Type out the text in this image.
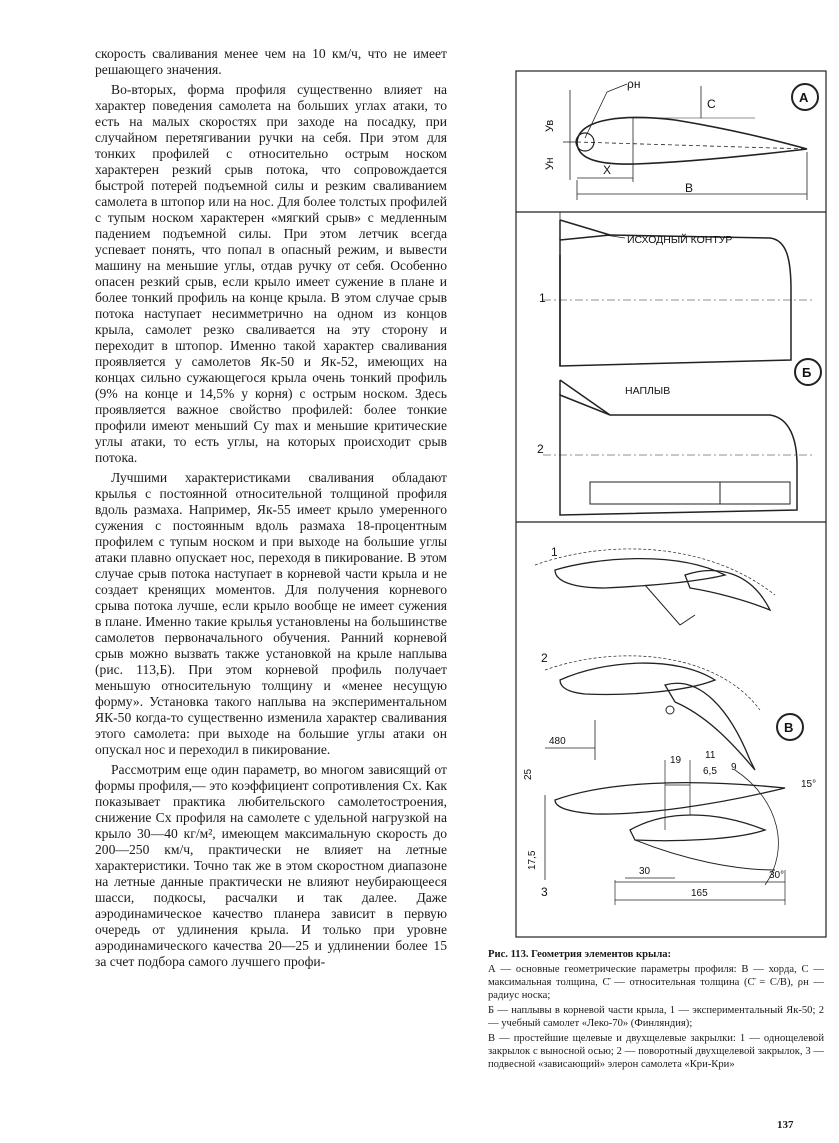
скорость сваливания менее чем на 10 км/ч, что не имеет решающего значения.

Во-вторых, форма профиля существенно влияет на характер поведения самолета на больших углах атаки, то есть на малых скоростях при заходе на посадку, при случайном перетягивании ручки на себя. При этом для тонких профилей с относительно острым носком характерен резкий срыв потока, что сопровождается быстрой потерей подъемной силы и резким сваливанием самолета в штопор или на нос. Для более толстых профилей с тупым носком характерен «мягкий срыв» с медленным падением подъемной силы. При этом летчик всегда успевает понять, что попал в опасный режим, и вывести машину на меньшие углы, отдав ручку от себя. Особенно опасен резкий срыв, если крыло имеет сужение в плане и более тонкий профиль на конце крыла. В этом случае срыв потока наступает несимметрично на одном из концов крыла, самолет резко сваливается на эту сторону и переходит в штопор. Именно такой характер сваливания проявляется у самолетов Як-50 и Як-52, имеющих на концах сильно сужающегося крыла очень тонкий профиль (9% на конце и 14,5% у корня) с острым носком. Здесь проявляется важное свойство профилей: более тонкие профили имеют меньший Cy max и меньшие критические углы атаки, то есть углы, на которых происходит срыв потока.

Лучшими характеристиками сваливания обладают крылья с постоянной относительной толщиной профиля вдоль размаха. Например, Як-55 имеет крыло умеренного сужения с постоянным вдоль размаха 18-процентным профилем с тупым носком и при выходе на большие углы атаки плавно опускает нос, переходя в пикирование. В этом случае срыв потока наступает в корневой части крыла и не создает кренящих моментов. Для получения корневого срыва потока лучше, если крыло вообще не имеет сужения в плане. Именно такие крылья установлены на большинстве самолетов первоначального обучения. Ранний корневой срыв можно вызвать также установкой на крыле наплыва (рис. 113,Б). При этом корневой профиль получает меньшую относительную толщину и «менее несущую форму». Установка такого наплыва на экспериментальном ЯК-50 когда-то существенно изменила характер сваливания этого самолета: при выходе на большие углы атаки он опускал нос и переходил в пикирование.

Рассмотрим еще один параметр, во многом зависящий от формы профиля,— это коэффициент сопротивления Cx. Как показывает практика любительского самолетостроения, снижение Cx профиля на самолете с удельной нагрузкой на крыло 30—40 кг/м², имеющем максимальную скорость до 200—250 км/ч, практически не влияет на летные характеристики. Точно так же в этом скоростном диапазоне на летные данные практически не влияют неубирающееся шасси, подкосы, расчалки и так далее. Даже аэродинамическое качество планера зависит в первую очередь от удлинения крыла. И только при уровне аэродинамического качества 20—25 и удлинении более 15 за счет подбора самого лучшего профи-

А
ρн
Ув
Ун
С
Х
В
ИСХОДНЫЙ КОНТУР
1
Б
НАПЛЫВ
2
1
2
480
В
19 11
6,5 9
25
15°
17,5
30	30°
3	165

Рис. 113. Геометрия элементов крыла:

А — основные геометрические параметры профиля: В — хорда, С — максимальная толщина, С̄ — относительная толщина (С̄ = С/В), ρн — радиус носка;

Б — наплывы в корневой части крыла, 1 — экспериментальный Як-50; 2 — учебный самолет «Леко-70» (Финляндия);

В — простейшие щелевые и двухщелевые закрылки: 1 — однощелевой закрылок с выносной осью; 2 — поворотный двухщелевой закрылок, 3 — подвесной «зависающий» элерон самолета «Кри-Кри»

137
